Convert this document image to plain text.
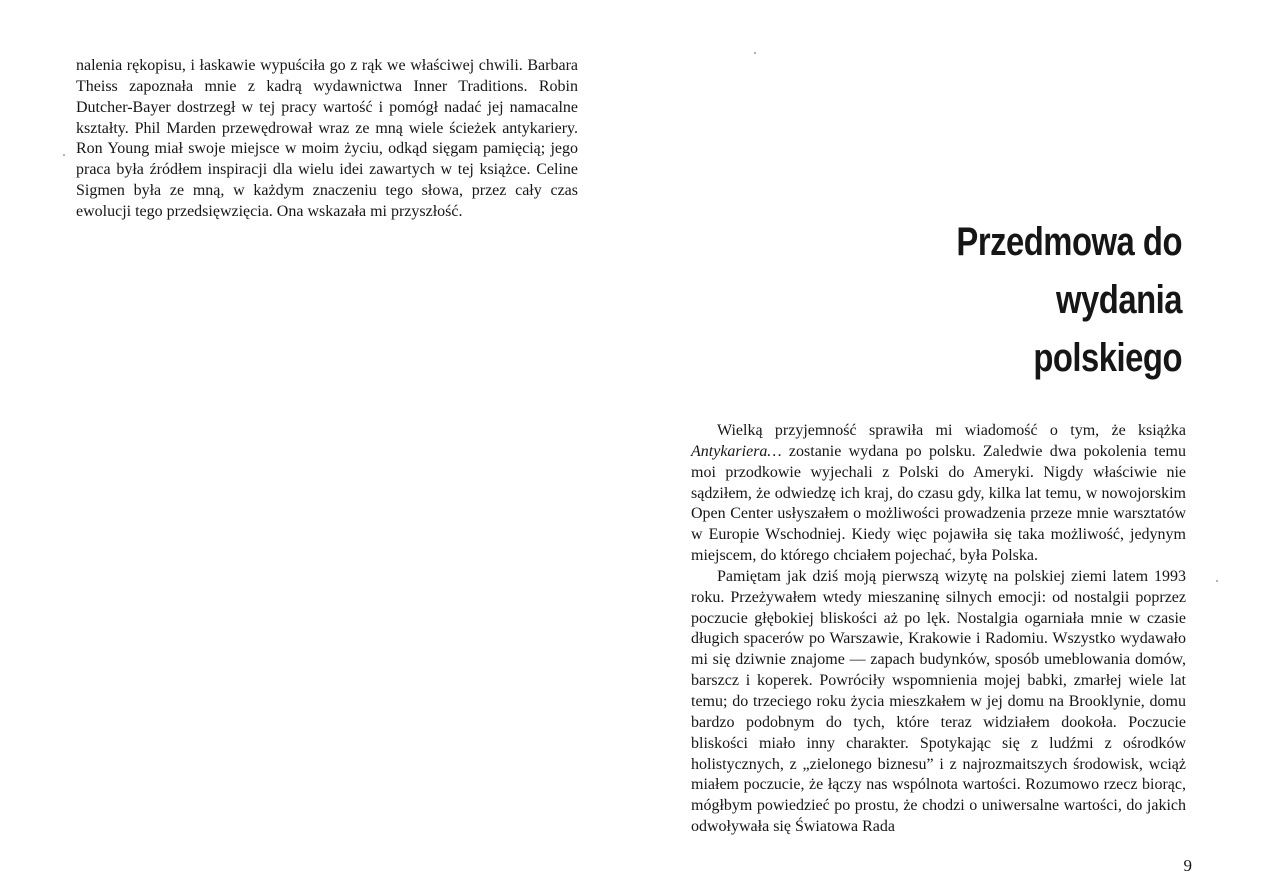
nalenia rękopisu, i łaskawie wypuściła go z rąk we właściwej chwili. Barbara Theiss zapoznała mnie z kadrą wydawnictwa Inner Traditions. Robin Dutcher-Bayer dostrzegł w tej pracy wartość i pomógł nadać jej namacalne kształty. Phil Marden przewędrował wraz ze mną wiele ścieżek antykariery. Ron Young miał swoje miejsce w moim życiu, odkąd sięgam pamięcią; jego praca była źródłem inspiracji dla wielu idei zawartych w tej książce. Celine Sigmen była ze mną, w każdym znaczeniu tego słowa, przez cały czas ewolucji tego przedsięwzięcia. Ona wskazała mi przyszłość.

Przedmowa do wydania
polskiego

Wielką przyjemność sprawiła mi wiadomość o tym, że książka Antykariera… zostanie wydana po polsku. Zaledwie dwa pokolenia temu moi przodkowie wyjechali z Polski do Ameryki. Nigdy właściwie nie sądziłem, że odwiedzę ich kraj, do czasu gdy, kilka lat temu, w nowojorskim Open Center usłyszałem o możliwości prowadzenia przeze mnie warsztatów w Europie Wschodniej. Kiedy więc pojawiła się taka możliwość, jedynym miejscem, do którego chciałem pojechać, była Polska.

Pamiętam jak dziś moją pierwszą wizytę na polskiej ziemi latem 1993 roku. Przeżywałem wtedy mieszaninę silnych emocji: od nostalgii poprzez poczucie głębokiej bliskości aż po lęk. Nostalgia ogarniała mnie w czasie długich spacerów po Warszawie, Krakowie i Radomiu. Wszystko wydawało mi się dziwnie znajome — zapach budynków, sposób umeblowania domów, barszcz i koperek. Powróciły wspomnienia mojej babki, zmarłej wiele lat temu; do trzeciego roku życia mieszkałem w jej domu na Brooklynie, domu bardzo podobnym do tych, które teraz widziałem dookoła. Poczucie bliskości miało inny charakter. Spotykając się z ludźmi z ośrodków holistycznych, z „zielonego biznesu” i z najrozmaitszych środowisk, wciąż miałem poczucie, że łączy nas wspólnota wartości. Rozumowo rzecz biorąc, mógłbym powiedzieć po prostu, że chodzi o uniwersalne wartości, do jakich odwoływała się Światowa Rada

9
